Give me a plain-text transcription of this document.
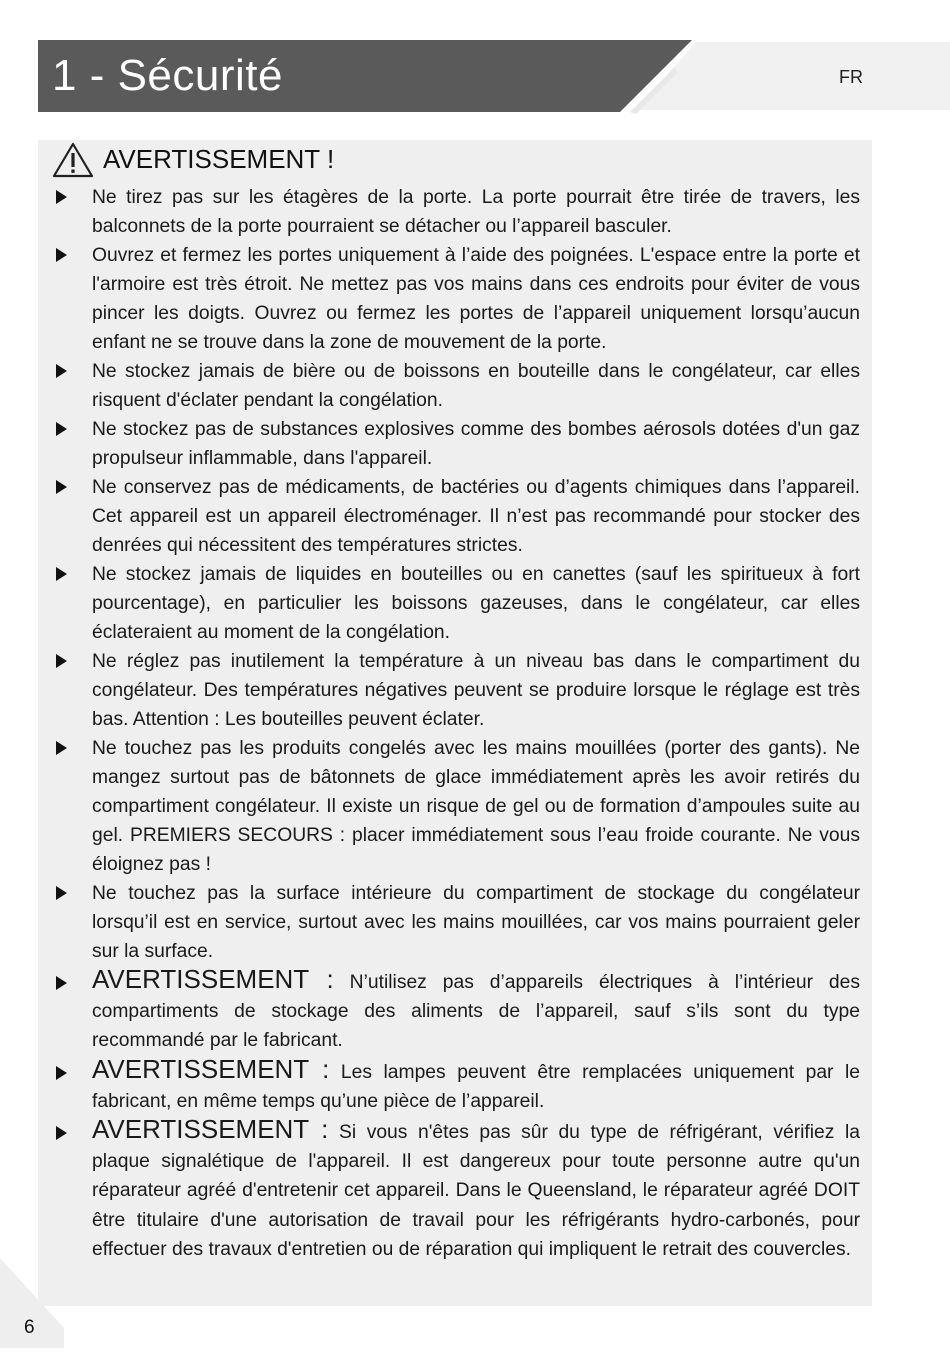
1 - Sécurité	FR
AVERTISSEMENT !
Ne tirez pas sur les étagères de la porte. La porte pourrait être tirée de travers, les balconnets de la porte pourraient se détacher ou l’appareil basculer.
Ouvrez et fermez les portes uniquement à l’aide des poignées. L'espace entre la porte et l'armoire est très étroit. Ne mettez pas vos mains dans ces endroits pour éviter de vous pincer les doigts. Ouvrez ou fermez les portes de l’appareil uniquement lorsqu’aucun enfant ne se trouve dans la zone de mouvement de la porte.
Ne stockez jamais de bière ou de boissons en bouteille dans le congélateur, car elles risquent d'éclater pendant la congélation.
Ne stockez pas de substances explosives comme des bombes aérosols dotées d'un gaz propulseur inflammable, dans l'appareil.
Ne conservez pas de médicaments, de bactéries ou d’agents chimiques dans l’appareil. Cet appareil est un appareil électroménager. Il n’est pas recommandé pour stocker des denrées qui nécessitent des températures strictes.
Ne stockez jamais de liquides en bouteilles ou en canettes (sauf les spiritueux à fort pourcentage), en particulier les boissons gazeuses, dans le congélateur, car elles éclateraient au moment de la congélation.
Ne réglez pas inutilement la température à un niveau bas dans le compartiment du congélateur. Des températures négatives peuvent se produire lorsque le réglage est très bas. Attention : Les bouteilles peuvent éclater.
Ne touchez pas les produits congelés avec les mains mouillées (porter des gants). Ne mangez surtout pas de bâtonnets de glace immédiatement après les avoir retirés du compartiment congélateur. Il existe un risque de gel ou de formation d’ampoules suite au gel. PREMIERS SECOURS : placer immédiatement sous l’eau froide courante. Ne vous éloignez pas !
Ne touchez pas la surface intérieure du compartiment de stockage du congélateur lorsqu’il est en service, surtout avec les mains mouillées, car vos mains pourraient geler sur la surface.
AVERTISSEMENT : N’utilisez pas d’appareils électriques à l’intérieur des compartiments de stockage des aliments de l’appareil, sauf s’ils sont du type recommandé par le fabricant.
AVERTISSEMENT : Les lampes peuvent être remplacées uniquement par le fabricant, en même temps qu’une pièce de l’appareil.
AVERTISSEMENT : Si vous n'êtes pas sûr du type de réfrigérant, vérifiez la plaque signalétique de l'appareil. Il est dangereux pour toute personne autre qu'un réparateur agréé d'entretenir cet appareil. Dans le Queensland, le réparateur agréé DOIT être titulaire d'une autorisation de travail pour les réfrigérants hydro-carbonés, pour effectuer des travaux d'entretien ou de réparation qui impliquent le retrait des couvercles.
6
